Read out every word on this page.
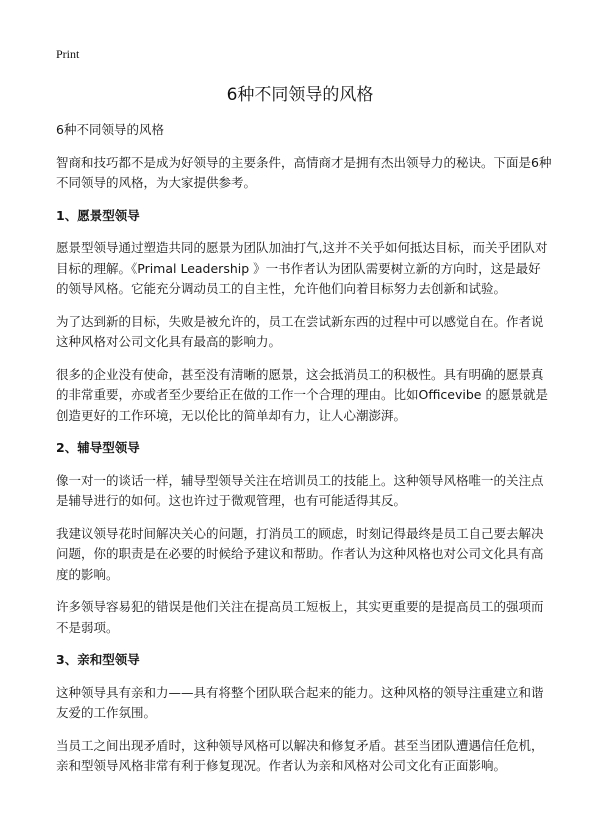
Print
6种不同领导的风格

6种不同领导的风格

智商和技巧都不是成为好领导的主要条件，高情商才是拥有杰出领导力的秘诀。下面是6种不同领导的风格，为大家提供参考。

1、愿景型领导

愿景型领导通过塑造共同的愿景为团队加油打气,这并不关乎如何抵达目标，而关乎团队对目标的理解。《Primal Leadership 》一书作者认为团队需要树立新的方向时，这是最好的领导风格。它能充分调动员工的自主性，允许他们向着目标努力去创新和试验。

为了达到新的目标，失败是被允许的，员工在尝试新东西的过程中可以感觉自在。作者说这种风格对公司文化具有最高的影响力。

很多的企业没有使命，甚至没有清晰的愿景，这会抵消员工的积极性。具有明确的愿景真的非常重要，亦或者至少要给正在做的工作一个合理的理由。比如Officevibe 的愿景就是创造更好的工作环境，无以伦比的简单却有力，让人心潮澎湃。

2、辅导型领导

像一对一的谈话一样，辅导型领导关注在培训员工的技能上。这种领导风格唯一的关注点是辅导进行的如何。这也许过于微观管理，也有可能适得其反。

我建议领导花时间解决关心的问题，打消员工的顾虑，时刻记得最终是员工自己要去解决问题，你的职责是在必要的时候给予建议和帮助。作者认为这种风格也对公司文化具有高度的影响。

许多领导容易犯的错误是他们关注在提高员工短板上，其实更重要的是提高员工的强项而不是弱项。

3、亲和型领导

这种领导具有亲和力——具有将整个团队联合起来的能力。这种风格的领导注重建立和谐友爱的工作氛围。

当员工之间出现矛盾时，这种领导风格可以解决和修复矛盾。甚至当团队遭遇信任危机，亲和型领导风格非常有利于修复现况。作者认为亲和风格对公司文化有正面影响。
